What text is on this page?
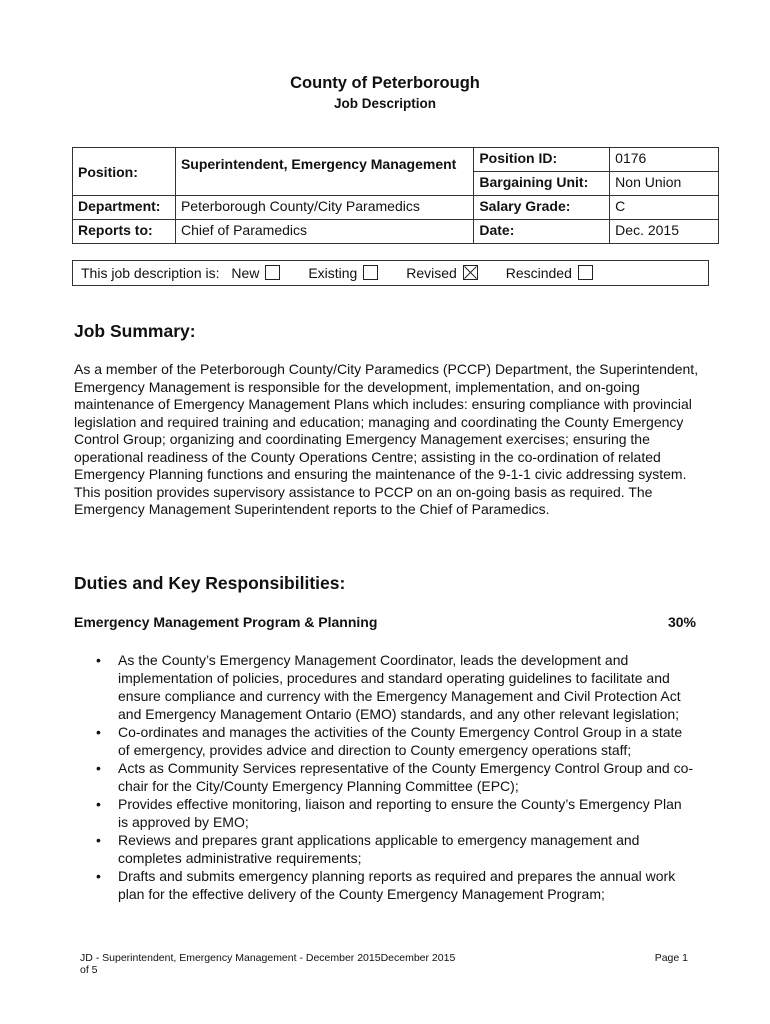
County of Peterborough
Job Description
Position:	Superintendent, Emergency Management	Position ID:	0176
		Bargaining Unit:	Non Union
Department:	Peterborough County/City Paramedics	Salary Grade:	C
Reports to:	Chief of Paramedics	Date:	Dec. 2015
This job description is: New	Existing	Revised	Rescinded
Job Summary:

As a member of the Peterborough County/City Paramedics (PCCP) Department, the Superintendent, Emergency Management is responsible for the development, implementation, and on-going maintenance of Emergency Management Plans which includes: ensuring compliance with provincial legislation and required training and education; managing and coordinating the County Emergency Control Group; organizing and coordinating Emergency Management exercises; ensuring the operational readiness of the County Operations Centre; assisting in the co-ordination of related Emergency Planning functions and ensuring the maintenance of the 9-1-1 civic addressing system. This position provides supervisory assistance to PCCP on an on-going basis as required. The Emergency Management Superintendent reports to the Chief of Paramedics.

Duties and Key Responsibilities:
Emergency Management Program & Planning	30%
• As the County’s Emergency Management Coordinator, leads the development and implementation of policies, procedures and standard operating guidelines to facilitate and ensure compliance and currency with the Emergency Management and Civil Protection Act and Emergency Management Ontario (EMO) standards, and any other relevant legislation;
• Co-ordinates and manages the activities of the County Emergency Control Group in a state of emergency, provides advice and direction to County emergency operations staff;
• Acts as Community Services representative of the County Emergency Control Group and co-chair for the City/County Emergency Planning Committee (EPC);
• Provides effective monitoring, liaison and reporting to ensure the County’s Emergency Plan is approved by EMO;
• Reviews and prepares grant applications applicable to emergency management and completes administrative requirements;
• Drafts and submits emergency planning reports as required and prepares the annual work plan for the effective delivery of the County Emergency Management Program;
JD - Superintendent, Emergency Management - December 2015December 2015
of 5
Page 1
